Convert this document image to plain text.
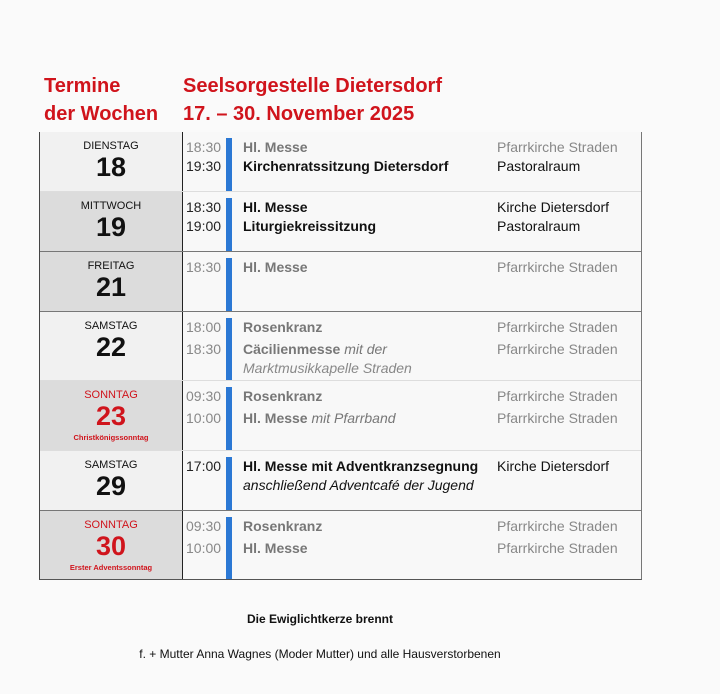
Termine
der Wochen
Seelsorgestelle Dietersdorf
17. – 30. November 2025
DIENSTAG
18
18:30	Hl. Messe	Pfarrkirche Straden
19:30	Kirchenratssitzung Dietersdorf	Pastoralraum
MITTWOCH
19
18:30	Hl. Messe	Kirche Dietersdorf
19:00	Liturgiekreissitzung	Pastoralraum
FREITAG
21
18:30	Hl. Messe	Pfarrkirche Straden
SAMSTAG
22
18:00	Rosenkranz	Pfarrkirche Straden
18:30	Cäcilienmesse mit der	Pfarrkirche Straden
Marktmusikkapelle Straden
SONNTAG
23
Christkönigssonntag
09:30	Rosenkranz	Pfarrkirche Straden
10:00	Hl. Messe mit Pfarrband	Pfarrkirche Straden
SAMSTAG
29
17:00	Hl. Messe mit Adventkranzsegnung	Kirche Dietersdorf
anschließend Adventcafé der Jugend
SONNTAG
30
Erster Adventssonntag
09:30	Rosenkranz	Pfarrkirche Straden
10:00	Hl. Messe	Pfarrkirche Straden
Die Ewiglichtkerze brennt
f. + Mutter Anna Wagnes (Moder Mutter) und alle Hausverstorbenen
